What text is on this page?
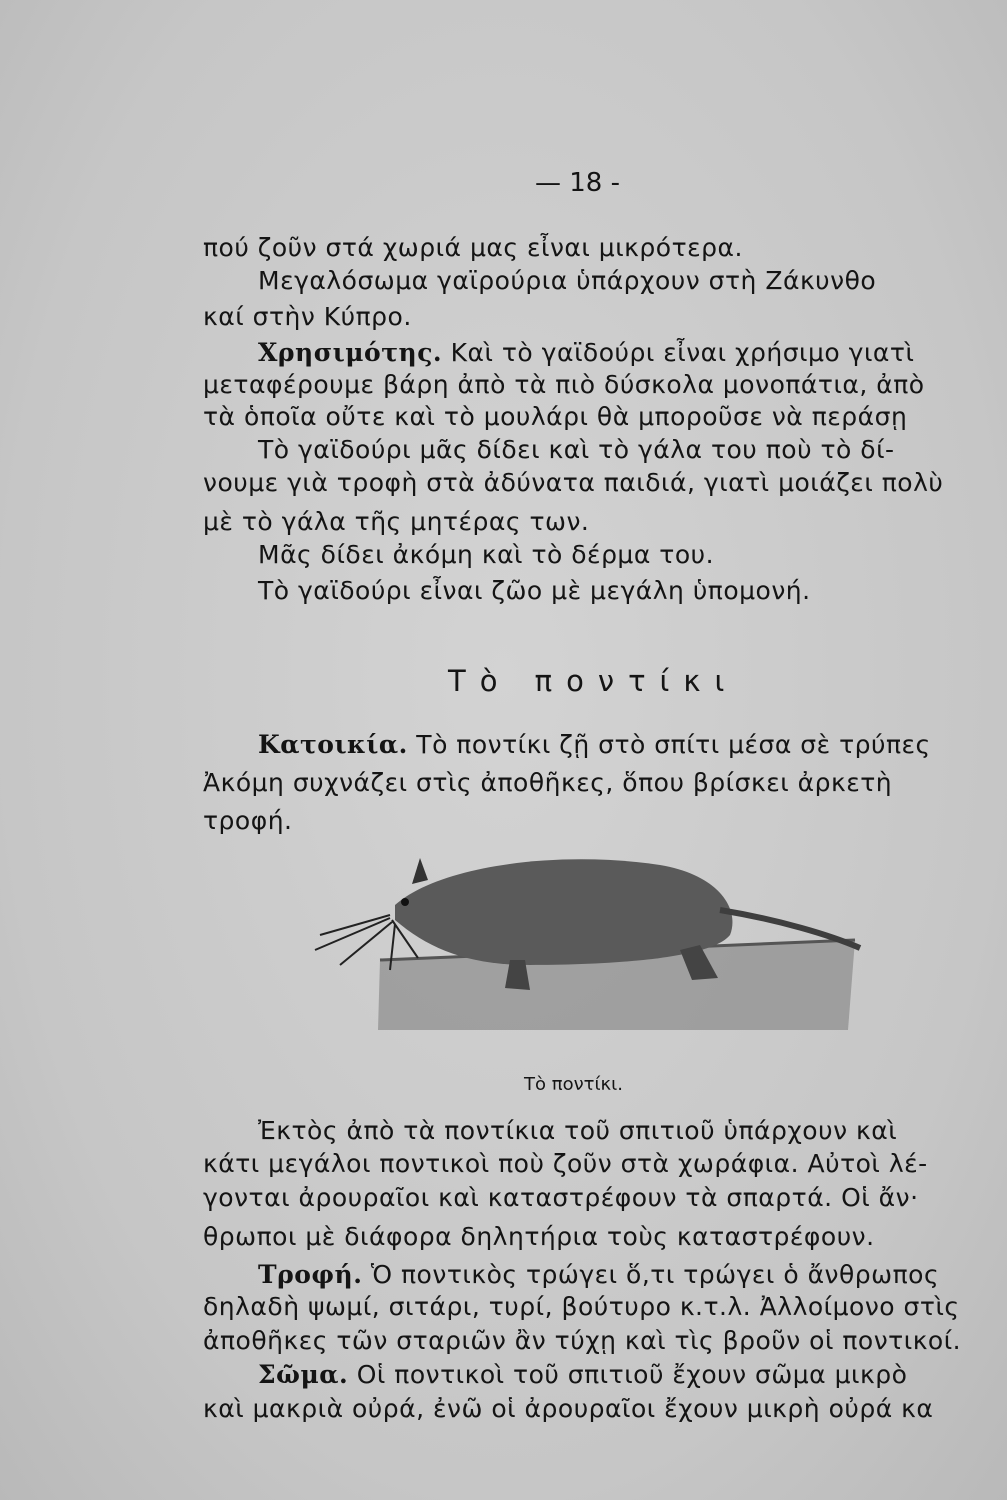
— 18 -
πού ζοῦν στά χωριά μας εἶναι μικρότερα.
Μεγαλόσωμα γαϊρούρια ὑπάρχουν στὴ Ζάκυνθο
καί στὴν Κύπρο.
Χρησιμότης. Καὶ τὸ γαϊδούρι εἶναι χρήσιμο γιατὶ
μεταφέρουμε βάρη ἀπὸ τὰ πιὸ δύσκολα μονοπάτια, ἀπὸ
τὰ ὁποῖα οὔτε καὶ τὸ μουλάρι θὰ μποροῦσε νὰ περάσῃ
Τὸ γαϊδούρι μᾶς δίδει καὶ τὸ γάλα του ποὺ τὸ δί-
νουμε γιὰ τροφὴ στὰ ἀδύνατα παιδιά, γιατὶ μοιάζει πολὺ
μὲ τὸ γάλα τῆς μητέρας των.
Μᾶς δίδει ἀκόμη καὶ τὸ δέρμα του.
Τὸ γαϊδούρι εἶναι ζῶο μὲ μεγάλη ὑπομονή.
Τὸ ποντίκι
Κατοικία. Τὸ ποντίκι ζῇ στὸ σπίτι μέσα σὲ τρύπες
Ἀκόμη συχνάζει στὶς ἀποθῆκες, ὅπου βρίσκει ἀρκετὴ
τροφή.
Τὸ ποντίκι.
Ἐκτὸς ἀπὸ τὰ ποντίκια τοῦ σπιτιοῦ ὑπάρχουν καὶ
κάτι μεγάλοι ποντικοὶ ποὺ ζοῦν στὰ χωράφια. Αὐτοὶ λέ-
γονται ἀρουραῖοι καὶ καταστρέφουν τὰ σπαρτά. Οἱ ἄν·
θρωποι μὲ διάφορα δηλητήρια τοὺς καταστρέφουν.
Τροφή. Ὁ ποντικὸς τρώγει ὅ,τι τρώγει ὁ ἄνθρωπος
δηλαδὴ ψωμί, σιτάρι, τυρί, βούτυρο κ.τ.λ. Ἀλλοίμονο στὶς
ἀποθῆκες τῶν σταριῶν ἂν τύχῃ καὶ τὶς βροῦν οἱ ποντικοί.
Σῶμα. Οἱ ποντικοὶ τοῦ σπιτιοῦ ἔχουν σῶμα μικρὸ
καὶ μακριὰ οὐρά, ἐνῶ οἱ ἀρουραῖοι ἔχουν μικρὴ οὐρά κα
